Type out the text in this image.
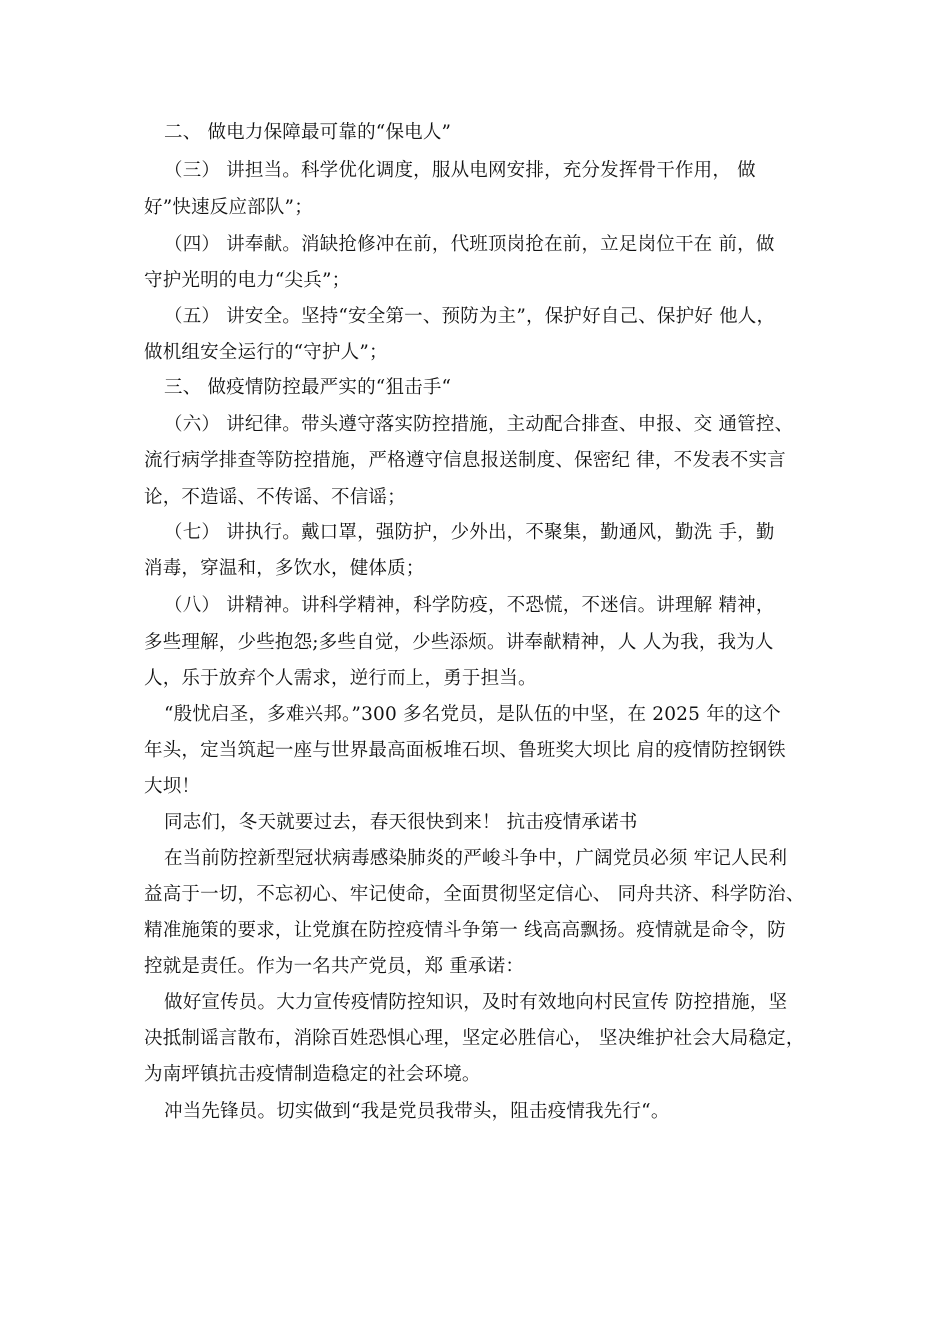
二、 做电力保障最可靠的“保电人”
（三） 讲担当。科学优化调度，服从电网安排，充分发挥骨干作用， 做
好”快速反应部队”；
（四） 讲奉献。消缺抢修冲在前，代班顶岗抢在前，立足岗位干在 前，做
守护光明的电力“尖兵”；
（五） 讲安全。坚持“安全第一、预防为主”，保护好自己、保护好 他人，
做机组安全运行的“守护人”；
三、 做疫情防控最严实的“狙击手“
（六） 讲纪律。带头遵守落实防控措施，主动配合排查、申报、交 通管控、
流行病学排查等防控措施，严格遵守信息报送制度、保密纪 律，不发表不实言
论，不造谣、不传谣、不信谣；
（七） 讲执行。戴口罩，强防护，少外出，不聚集，勤通风，勤洗 手，勤
消毒，穿温和，多饮水，健体质；
（八） 讲精神。讲科学精神，科学防疫，不恐慌，不迷信。讲理解 精神，
多些理解，少些抱怨;多些自觉，少些添烦。讲奉献精神，人 人为我，我为人
人，乐于放弃个人需求，逆行而上，勇于担当。
“殷忧启圣，多难兴邦。”300 多名党员，是队伍的中坚，在 2025 年的这个
年头，定当筑起一座与世界最高面板堆石坝、鲁班奖大坝比 肩的疫情防控钢铁
大坝！
同志们，冬天就要过去，春天很快到来！ 抗击疫情承诺书
在当前防控新型冠状病毒感染肺炎的严峻斗争中，广阔党员必须 牢记人民利
益高于一切，不忘初心、牢记使命，全面贯彻坚定信心、 同舟共济、科学防治、
精准施策的要求，让党旗在防控疫情斗争第一 线高高飘扬。疫情就是命令，防
控就是责任。作为一名共产党员，郑 重承诺：
做好宣传员。大力宣传疫情防控知识，及时有效地向村民宣传 防控措施，坚
决抵制谣言散布，消除百姓恐惧心理，坚定必胜信心， 坚决维护社会大局稳定，
为南坪镇抗击疫情制造稳定的社会环境。
冲当先锋员。切实做到“我是党员我带头，阻击疫情我先行“。
